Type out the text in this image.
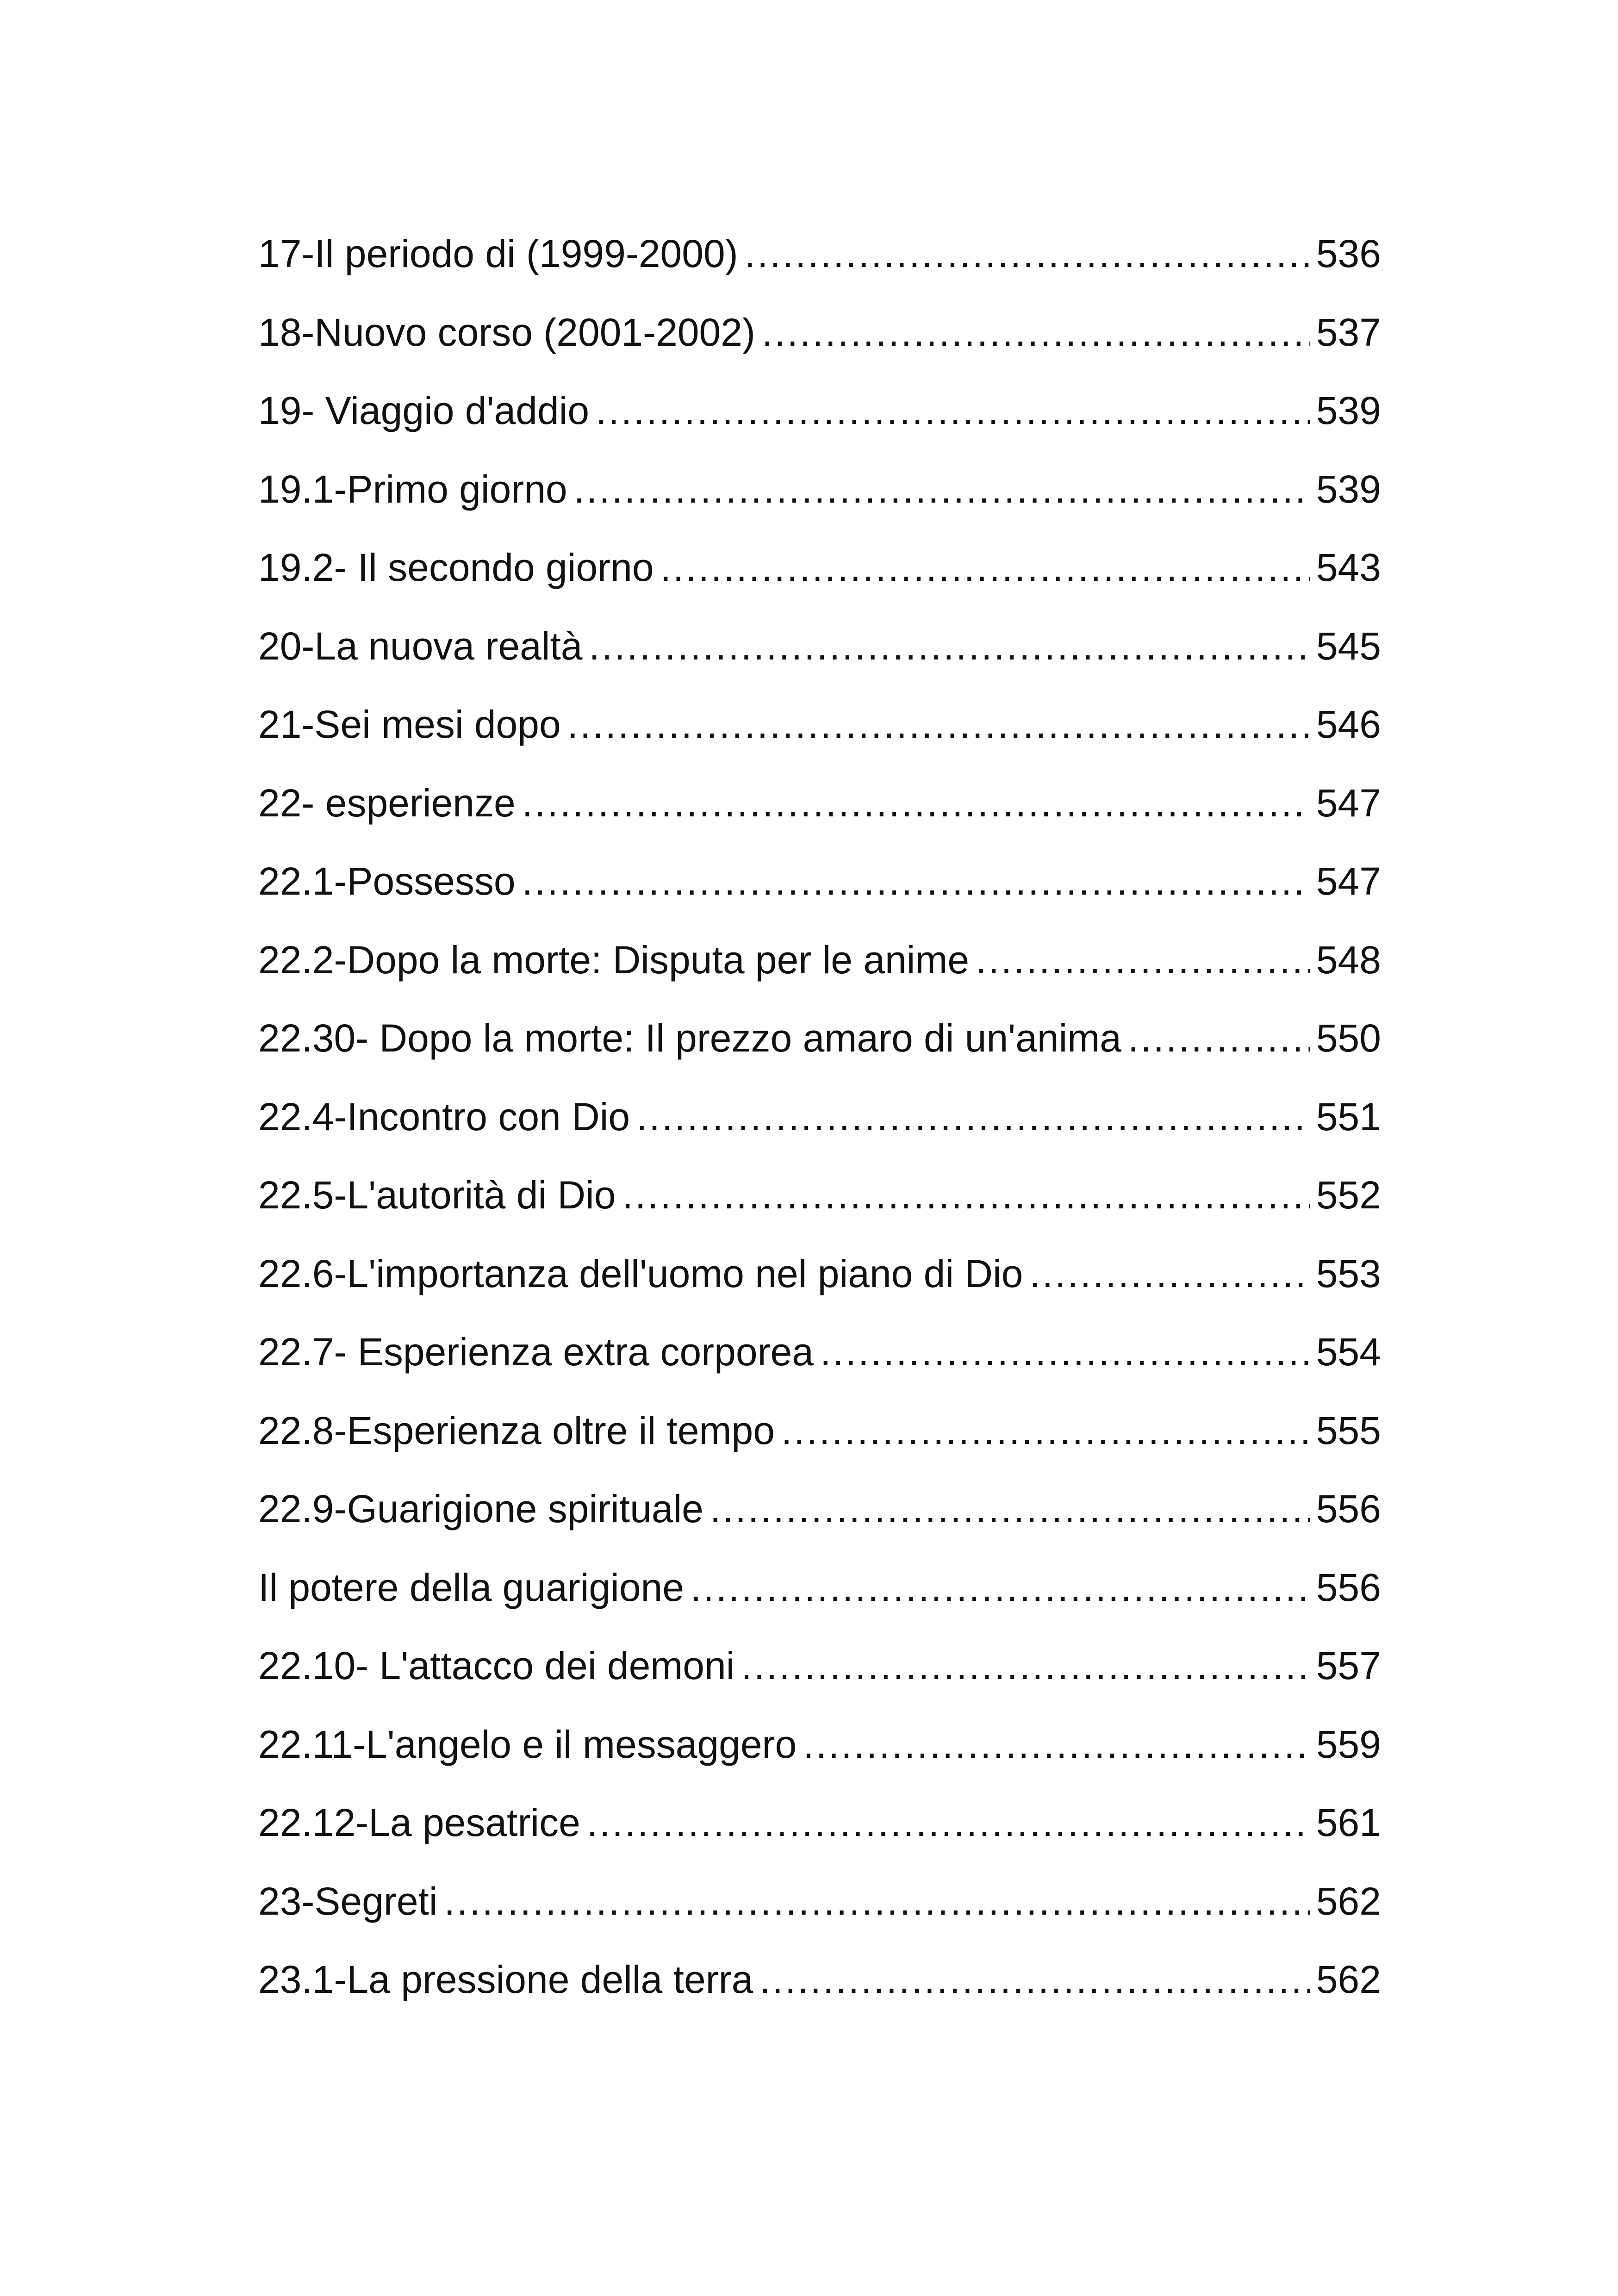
17-Il periodo di (1999-2000) .....	536
18-Nuovo corso (2001-2002) .....	537
19- Viaggio d'addio .....	539
19.1-Primo giorno .....	539
19.2- Il secondo giorno .....	543
20-La nuova realtà .....	545
21-Sei mesi dopo .....	546
22- esperienze .....	547
22.1-Possesso .....	547
22.2-Dopo la morte: Disputa per le anime .....	548
22.30- Dopo la morte: Il prezzo amaro di un'anima .....	550
22.4-Incontro con Dio .....	551
22.5-L'autorità di Dio .....	552
22.6-L'importanza dell'uomo nel piano di Dio .....	553
22.7- Esperienza extra corporea .....	554
22.8-Esperienza oltre il tempo .....	555
22.9-Guarigione spirituale .....	556
Il potere della guarigione .....	556
22.10- L'attacco dei demoni .....	557
22.11-L'angelo e il messaggero .....	559
22.12-La pesatrice .....	561
23-Segreti .....	562
23.1-La pressione della terra .....	562
